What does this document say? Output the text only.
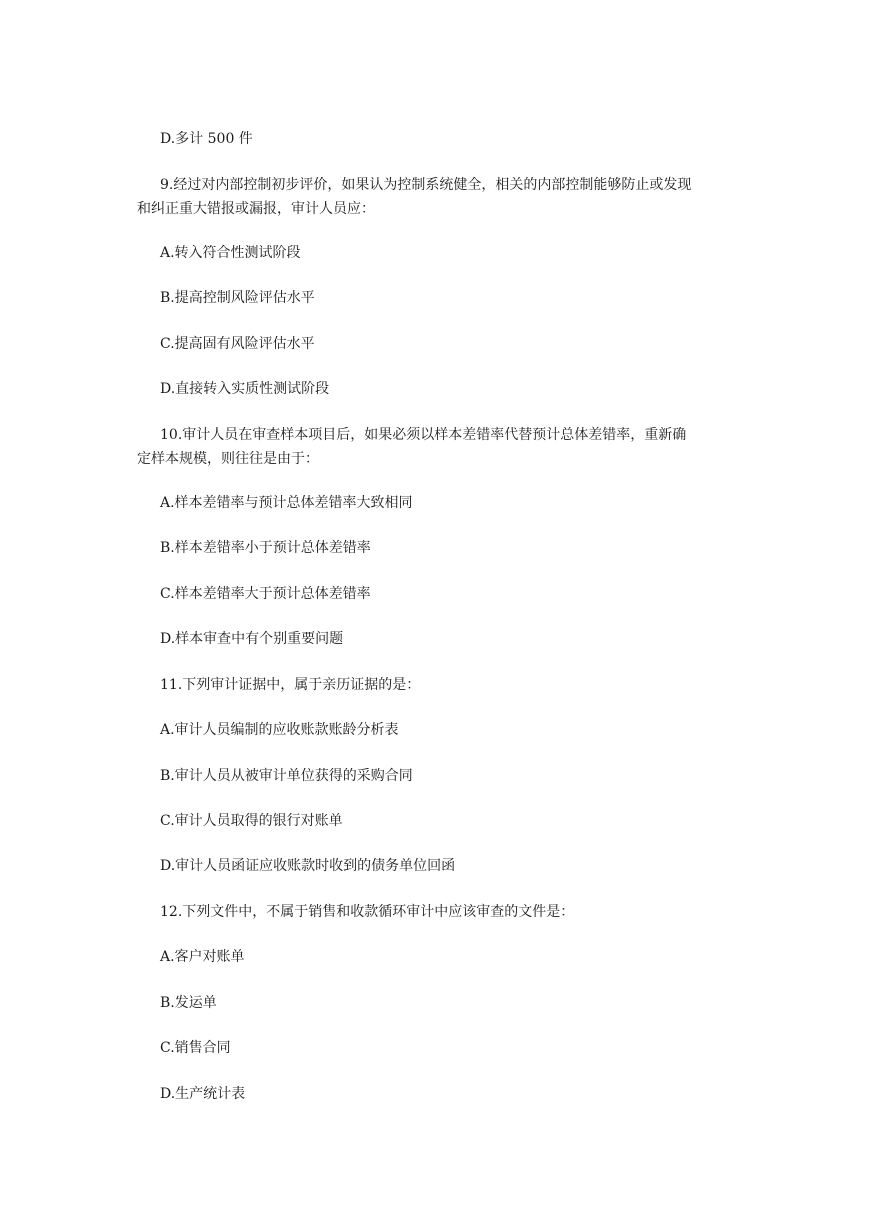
D.多计 500 件
9.经过对内部控制初步评价，如果认为控制系统健全，相关的内部控制能够防止或发现
和纠正重大错报或漏报，审计人员应：
A.转入符合性测试阶段
B.提高控制风险评估水平
C.提高固有风险评估水平
D.直接转入实质性测试阶段
10.审计人员在审查样本项目后，如果必须以样本差错率代替预计总体差错率，重新确
定样本规模，则往往是由于：
A.样本差错率与预计总体差错率大致相同
B.样本差错率小于预计总体差错率
C.样本差错率大于预计总体差错率
D.样本审查中有个别重要问题
11.下列审计证据中，属于亲历证据的是：
A.审计人员编制的应收账款账龄分析表
B.审计人员从被审计单位获得的采购合同
C.审计人员取得的银行对账单
D.审计人员函证应收账款时收到的债务单位回函
12.下列文件中，不属于销售和收款循环审计中应该审查的文件是：
A.客户对账单
B.发运单
C.销售合同
D.生产统计表
